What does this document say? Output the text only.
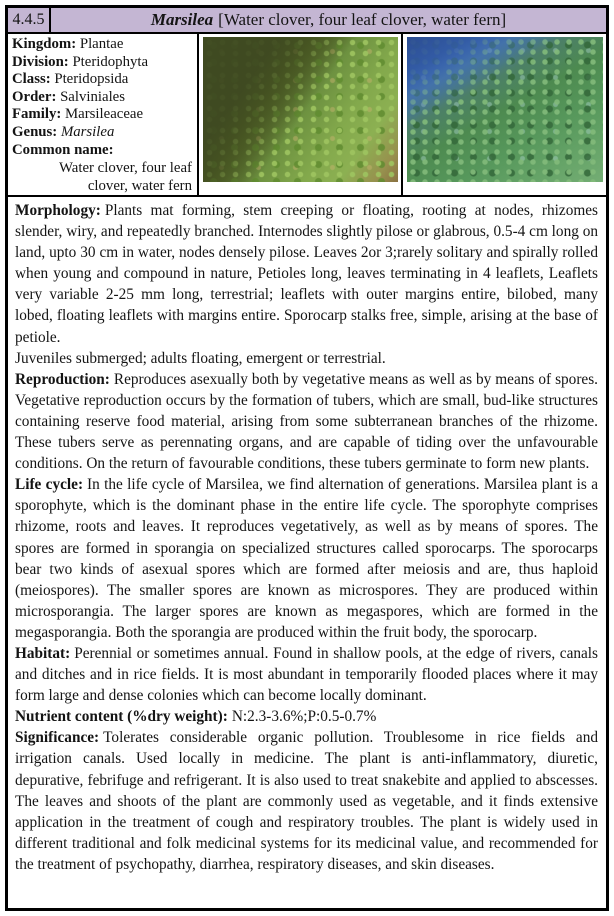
4.4.5	Marsilea [Water clover, four leaf clover, water fern]
Kingdom: Plantae
Division: Pteridophyta
Class: Pteridopsida
Order: Salviniales
Family: Marsileaceae
Genus: Marsilea
Common name:
Water clover, four leaf
clover, water fern

Morphology: Plants mat forming, stem creeping or floating, rooting at nodes, rhizomes slender, wiry, and repeatedly branched. Internodes slightly pilose or glabrous, 0.5-4 cm long on land, upto 30 cm in water, nodes densely pilose. Leaves 2or 3;rarely solitary and spirally rolled when young and compound in nature, Petioles long, leaves terminating in 4 leaflets, Leaflets very variable 2-25 mm long, terrestrial; leaflets with outer margins entire, bilobed, many lobed, floating leaflets with margins entire. Sporocarp stalks free, simple, arising at the base of petiole.

Juveniles submerged; adults floating, emergent or terrestrial.

Reproduction: Reproduces asexually both by vegetative means as well as by means of spores. Vegetative reproduction occurs by the formation of tubers, which are small, bud-like structures containing reserve food material, arising from some subterranean branches of the rhizome. These tubers serve as perennating organs, and are capable of tiding over the unfavourable conditions. On the return of favourable conditions, these tubers germinate to form new plants.

Life cycle: In the life cycle of Marsilea, we find alternation of generations. Marsilea plant is a sporophyte, which is the dominant phase in the entire life cycle. The sporophyte comprises rhizome, roots and leaves. It reproduces vegetatively, as well as by means of spores. The spores are formed in sporangia on specialized structures called sporocarps. The sporocarps bear two kinds of asexual spores which are formed after meiosis and are, thus haploid (meiospores). The smaller spores are known as microspores. They are produced within microsporangia. The larger spores are known as megaspores, which are formed in the megasporangia. Both the sporangia are produced within the fruit body, the sporocarp.

Habitat: Perennial or sometimes annual. Found in shallow pools, at the edge of rivers, canals and ditches and in rice fields. It is most abundant in temporarily flooded places where it may form large and dense colonies which can become locally dominant.

Nutrient content (%dry weight): N:2.3-3.6%;P:0.5-0.7%

Significance: Tolerates considerable organic pollution. Troublesome in rice fields and irrigation canals. Used locally in medicine. The plant is anti-inflammatory, diuretic, depurative, febrifuge and refrigerant. It is also used to treat snakebite and applied to abscesses. The leaves and shoots of the plant are commonly used as vegetable, and it finds extensive application in the treatment of cough and respiratory troubles. The plant is widely used in different traditional and folk medicinal systems for its medicinal value, and recommended for the treatment of psychopathy, diarrhea, respiratory diseases, and skin diseases.
